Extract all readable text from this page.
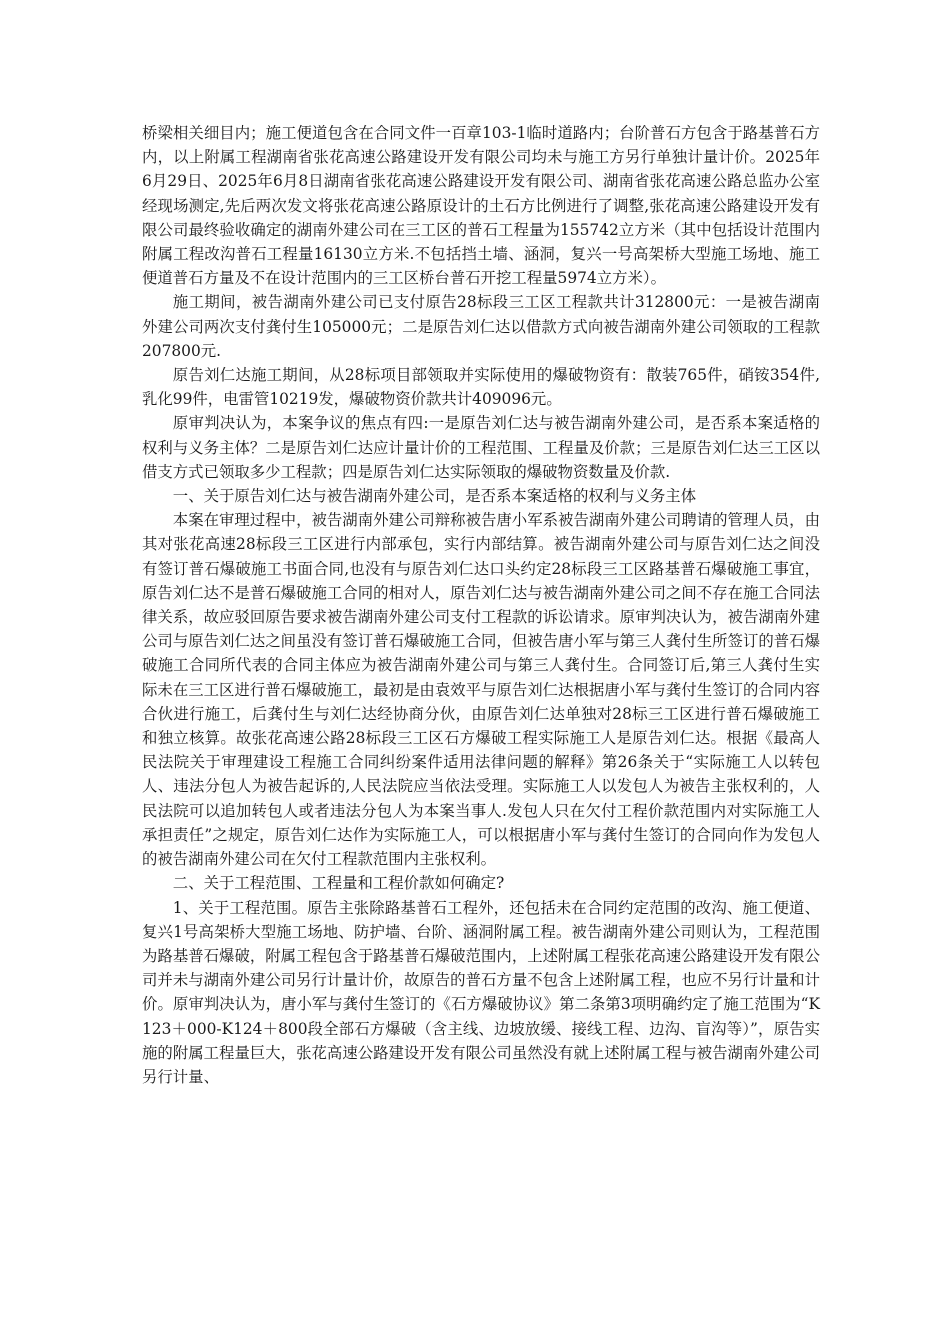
桥梁相关细目内；施工便道包含在合同文件一百章103-1临时道路内；台阶普石方包含于路基普石方内，以上附属工程湖南省张花高速公路建设开发有限公司均未与施工方另行单独计量计价。2025年6月29日、2025年6月8日湖南省张花高速公路建设开发有限公司、湖南省张花高速公路总监办公室经现场测定,先后两次发文将张花高速公路原设计的土石方比例进行了调整,张花高速公路建设开发有限公司最终验收确定的湖南外建公司在三工区的普石工程量为155742立方米（其中包括设计范围内附属工程改沟普石工程量16130立方米.不包括挡土墙、涵洞，复兴一号高架桥大型施工场地、施工便道普石方量及不在设计范围内的三工区桥台普石开挖工程量5974立方米）。

施工期间，被告湖南外建公司已支付原告28标段三工区工程款共计312800元：一是被告湖南外建公司两次支付龚付生105000元；二是原告刘仁达以借款方式向被告湖南外建公司领取的工程款207800元.

原告刘仁达施工期间，从28标项目部领取并实际使用的爆破物资有：散装765件，硝铵354件,乳化99件，电雷管10219发，爆破物资价款共计409096元。

原审判决认为，本案争议的焦点有四:一是原告刘仁达与被告湖南外建公司，是否系本案适格的权利与义务主体？二是原告刘仁达应计量计价的工程范围、工程量及价款；三是原告刘仁达三工区以借支方式已领取多少工程款；四是原告刘仁达实际领取的爆破物资数量及价款.

一、关于原告刘仁达与被告湖南外建公司，是否系本案适格的权利与义务主体

本案在审理过程中，被告湖南外建公司辩称被告唐小军系被告湖南外建公司聘请的管理人员，由其对张花高速28标段三工区进行内部承包，实行内部结算。被告湖南外建公司与原告刘仁达之间没有签订普石爆破施工书面合同,也没有与原告刘仁达口头约定28标段三工区路基普石爆破施工事宜，原告刘仁达不是普石爆破施工合同的相对人，原告刘仁达与被告湖南外建公司之间不存在施工合同法律关系，故应驳回原告要求被告湖南外建公司支付工程款的诉讼请求。原审判决认为，被告湖南外建公司与原告刘仁达之间虽没有签订普石爆破施工合同，但被告唐小军与第三人龚付生所签订的普石爆破施工合同所代表的合同主体应为被告湖南外建公司与第三人龚付生。合同签订后,第三人龚付生实际未在三工区进行普石爆破施工，最初是由袁效平与原告刘仁达根据唐小军与龚付生签订的合同内容合伙进行施工，后龚付生与刘仁达经协商分伙，由原告刘仁达单独对28标三工区进行普石爆破施工和独立核算。故张花高速公路28标段三工区石方爆破工程实际施工人是原告刘仁达。根据《最高人民法院关于审理建设工程施工合同纠纷案件适用法律问题的解释》第26条关于“实际施工人以转包人、违法分包人为被告起诉的,人民法院应当依法受理。实际施工人以发包人为被告主张权利的，人民法院可以追加转包人或者违法分包人为本案当事人.发包人只在欠付工程价款范围内对实际施工人承担责任”之规定，原告刘仁达作为实际施工人，可以根据唐小军与龚付生签订的合同向作为发包人的被告湖南外建公司在欠付工程款范围内主张权利。

二、关于工程范围、工程量和工程价款如何确定?

1、关于工程范围。原告主张除路基普石工程外，还包括未在合同约定范围的改沟、施工便道、复兴1号高架桥大型施工场地、防护墙、台阶、涵洞附属工程。被告湖南外建公司则认为，工程范围为路基普石爆破，附属工程包含于路基普石爆破范围内，上述附属工程张花高速公路建设开发有限公司并未与湖南外建公司另行计量计价，故原告的普石方量不包含上述附属工程，也应不另行计量和计价。原审判决认为，唐小军与龚付生签订的《石方爆破协议》第二条第3项明确约定了施工范围为“K123＋000-K124＋800段全部石方爆破（含主线、边坡放缓、接线工程、边沟、盲沟等）”，原告实施的附属工程量巨大，张花高速公路建设开发有限公司虽然没有就上述附属工程与被告湖南外建公司另行计量、
